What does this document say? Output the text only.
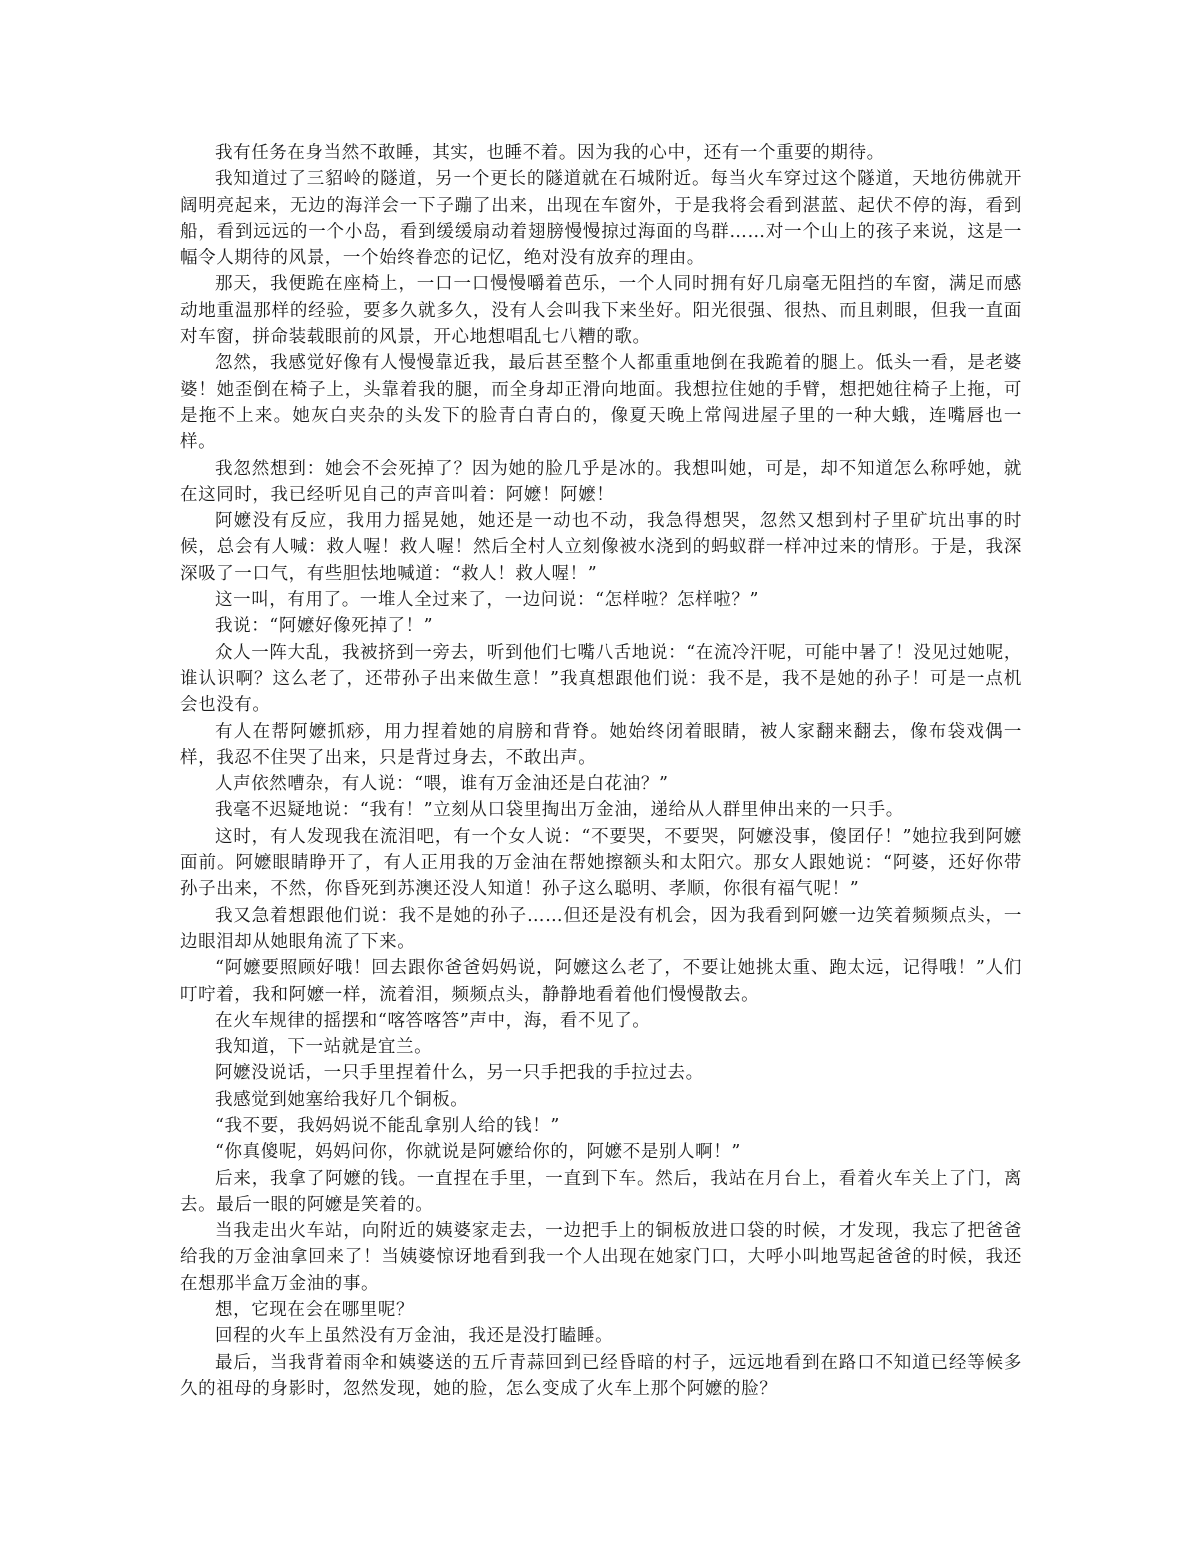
我有任务在身当然不敢睡，其实，也睡不着。因为我的心中，还有一个重要的期待。

我知道过了三貂岭的隧道，另一个更长的隧道就在石城附近。每当火车穿过这个隧道，天地彷佛就开阔明亮起来，无边的海洋会一下子蹦了出来，出现在车窗外，于是我将会看到湛蓝、起伏不停的海，看到船，看到远远的一个小岛，看到缓缓扇动着翅膀慢慢掠过海面的鸟群……对一个山上的孩子来说，这是一幅令人期待的风景，一个始终眷恋的记忆，绝对没有放弃的理由。

那天，我便跪在座椅上，一口一口慢慢嚼着芭乐，一个人同时拥有好几扇毫无阻挡的车窗，满足而感动地重温那样的经验，要多久就多久，没有人会叫我下来坐好。阳光很强、很热、而且刺眼，但我一直面对车窗，拼命装载眼前的风景，开心地想唱乱七八糟的歌。

忽然，我感觉好像有人慢慢靠近我，最后甚至整个人都重重地倒在我跪着的腿上。低头一看，是老婆婆！她歪倒在椅子上，头靠着我的腿，而全身却正滑向地面。我想拉住她的手臂，想把她往椅子上拖，可是拖不上来。她灰白夹杂的头发下的脸青白青白的，像夏天晚上常闯进屋子里的一种大蛾，连嘴唇也一样。

我忽然想到：她会不会死掉了？因为她的脸几乎是冰的。我想叫她，可是，却不知道怎么称呼她，就在这同时，我已经听见自己的声音叫着：阿嬷！阿嬷！

阿嬷没有反应，我用力摇晃她，她还是一动也不动，我急得想哭，忽然又想到村子里矿坑出事的时候，总会有人喊：救人喔！救人喔！然后全村人立刻像被水浇到的蚂蚁群一样冲过来的情形。于是，我深深吸了一口气，有些胆怯地喊道：“救人！救人喔！”

这一叫，有用了。一堆人全过来了，一边问说：“怎样啦？怎样啦？”

我说：“阿嬷好像死掉了！”

众人一阵大乱，我被挤到一旁去，听到他们七嘴八舌地说：“在流冷汗呢，可能中暑了！没见过她呢，谁认识啊？这么老了，还带孙子出来做生意！”我真想跟他们说：我不是，我不是她的孙子！可是一点机会也没有。

有人在帮阿嬷抓痧，用力捏着她的肩膀和背脊。她始终闭着眼睛，被人家翻来翻去，像布袋戏偶一样，我忍不住哭了出来，只是背过身去，不敢出声。

人声依然嘈杂，有人说：“喂，谁有万金油还是白花油？”

我毫不迟疑地说：“我有！”立刻从口袋里掏出万金油，递给从人群里伸出来的一只手。

这时，有人发现我在流泪吧，有一个女人说：“不要哭，不要哭，阿嬷没事，傻囝仔！”她拉我到阿嬷面前。阿嬷眼睛睁开了，有人正用我的万金油在帮她擦额头和太阳穴。那女人跟她说：“阿婆，还好你带孙子出来，不然，你昏死到苏澳还没人知道！孙子这么聪明、孝顺，你很有福气呢！”

我又急着想跟他们说：我不是她的孙子……但还是没有机会，因为我看到阿嬷一边笑着频频点头，一边眼泪却从她眼角流了下来。

“阿嬷要照顾好哦！回去跟你爸爸妈妈说，阿嬷这么老了，不要让她挑太重、跑太远，记得哦！”人们叮咛着，我和阿嬷一样，流着泪，频频点头，静静地看着他们慢慢散去。

在火车规律的摇摆和“喀答喀答”声中，海，看不见了。

我知道，下一站就是宜兰。

阿嬷没说话，一只手里捏着什么，另一只手把我的手拉过去。

我感觉到她塞给我好几个铜板。

“我不要，我妈妈说不能乱拿别人给的钱！”

“你真傻呢，妈妈问你，你就说是阿嬷给你的，阿嬷不是别人啊！”

后来，我拿了阿嬷的钱。一直捏在手里，一直到下车。然后，我站在月台上，看着火车关上了门，离去。最后一眼的阿嬷是笑着的。

当我走出火车站，向附近的姨婆家走去，一边把手上的铜板放进口袋的时候，才发现，我忘了把爸爸给我的万金油拿回来了！当姨婆惊讶地看到我一个人出现在她家门口，大呼小叫地骂起爸爸的时候，我还在想那半盒万金油的事。

想，它现在会在哪里呢？

回程的火车上虽然没有万金油，我还是没打瞌睡。

最后，当我背着雨伞和姨婆送的五斤青蒜回到已经昏暗的村子，远远地看到在路口不知道已经等候多久的祖母的身影时，忽然发现，她的脸，怎么变成了火车上那个阿嬷的脸？
